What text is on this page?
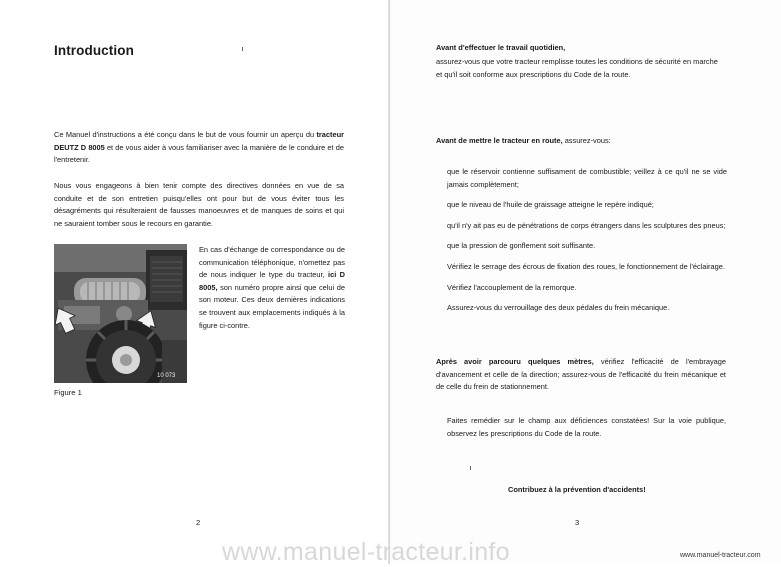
Introduction

Ce Manuel d'instructions a été conçu dans le but de vous fournir un aperçu du tracteur DEUTZ D 8005 et de vous aider à vous familiariser avec la manière de le conduire et de l'entretenir.

Nous vous engageons à bien tenir compte des directives données en vue de sa conduite et de son entretien puisqu'elles ont pour but de vous éviter tous les désagréments qui résulteraient de fausses manoeuvres et de manques de soins et qui ne sauraient tomber sous le recours en garantie.

10 073

En cas d'échange de correspondance ou de communication téléphonique, n'omettez pas de nous indiquer le type du tracteur, ici D 8005, son numéro propre ainsi que celui de son moteur. Ces deux dernières indications se trouvent aux emplacements indiqués à la figure ci-contre.

Figure 1
2
Avant d'effectuer le travail quotidien,

assurez-vous que votre tracteur remplisse toutes les conditions de sécurité en marche et qu'il soit conforme aux prescriptions du Code de la route.

Avant de mettre le tracteur en route, assurez-vous:
que le réservoir contienne suffisament de combustible; veillez à ce qu'il ne se vide jamais complètement;
que le niveau de l'huile de graissage atteigne le repère indiqué;
qu'il n'y ait pas eu de pénétrations de corps étrangers dans les sculptures des pneus;
que la pression de gonflement soit suffisante.
Vérifiez le serrage des écrous de fixation des roues, le fonctionnement de l'éclairage.
Vérifiez l'accouplement de la remorque.
Assurez-vous du verrouillage des deux pédales du frein mécanique.

Après avoir parcouru quelques mètres, vérifiez l'efficacité de l'embrayage d'avancement et celle de la direction; assurez-vous de l'efficacité du frein mécanique et de celle du frein de stationnement.

Faites remédier sur le champ aux déficiences constatées! Sur la voie publique, observez les prescriptions du Code de la route.

Contribuez à la prévention d'accidents!
3
www.manuel-tracteur.info	www.manuel-tracteur.com
